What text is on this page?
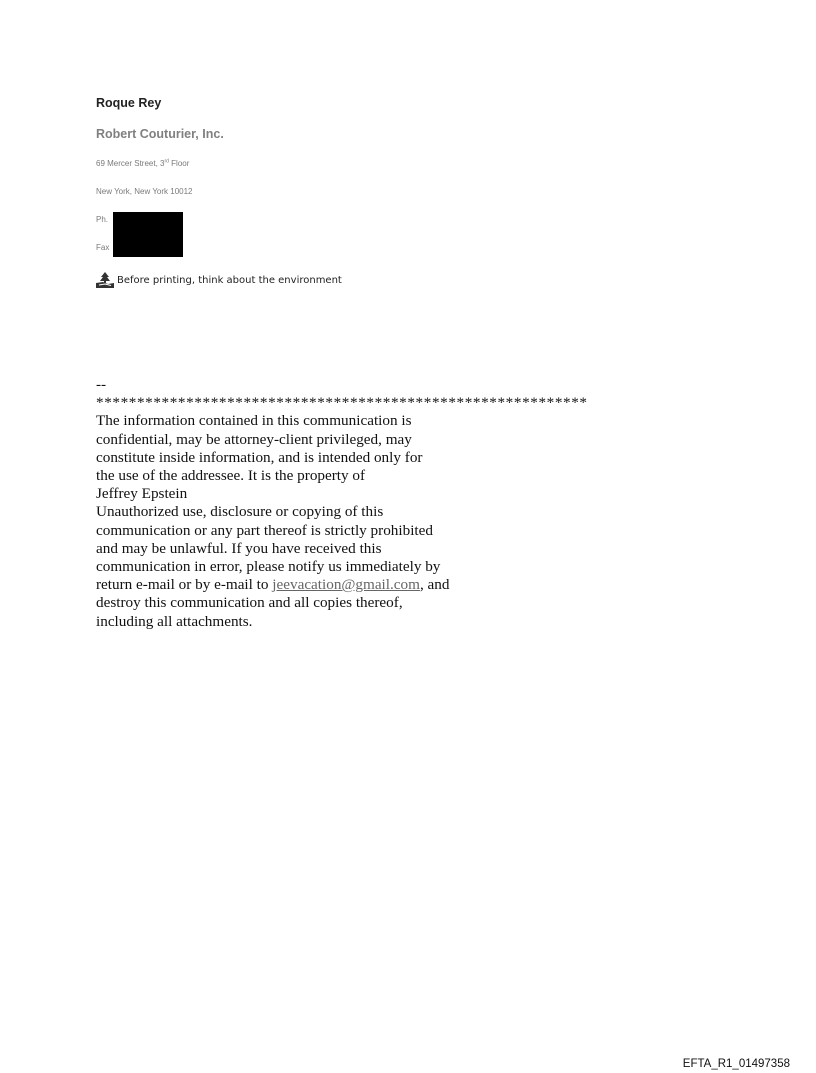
Roque Rey
Robert Couturier, Inc.
69 Mercer Street, 3rd Floor
New York, New York 10012
Ph.
Fax
Before printing, think about the environment
--
************************************************************
The information contained in this communication is
confidential, may be attorney-client privileged, may
constitute inside information, and is intended only for
the use of the addressee. It is the property of
Jeffrey Epstein
Unauthorized use, disclosure or copying of this
communication or any part thereof is strictly prohibited
and may be unlawful. If you have received this
communication in error, please notify us immediately by
return e-mail or by e-mail to jeevacation@gmail.com, and
destroy this communication and all copies thereof,
including all attachments.
EFTA_R1_01497358
